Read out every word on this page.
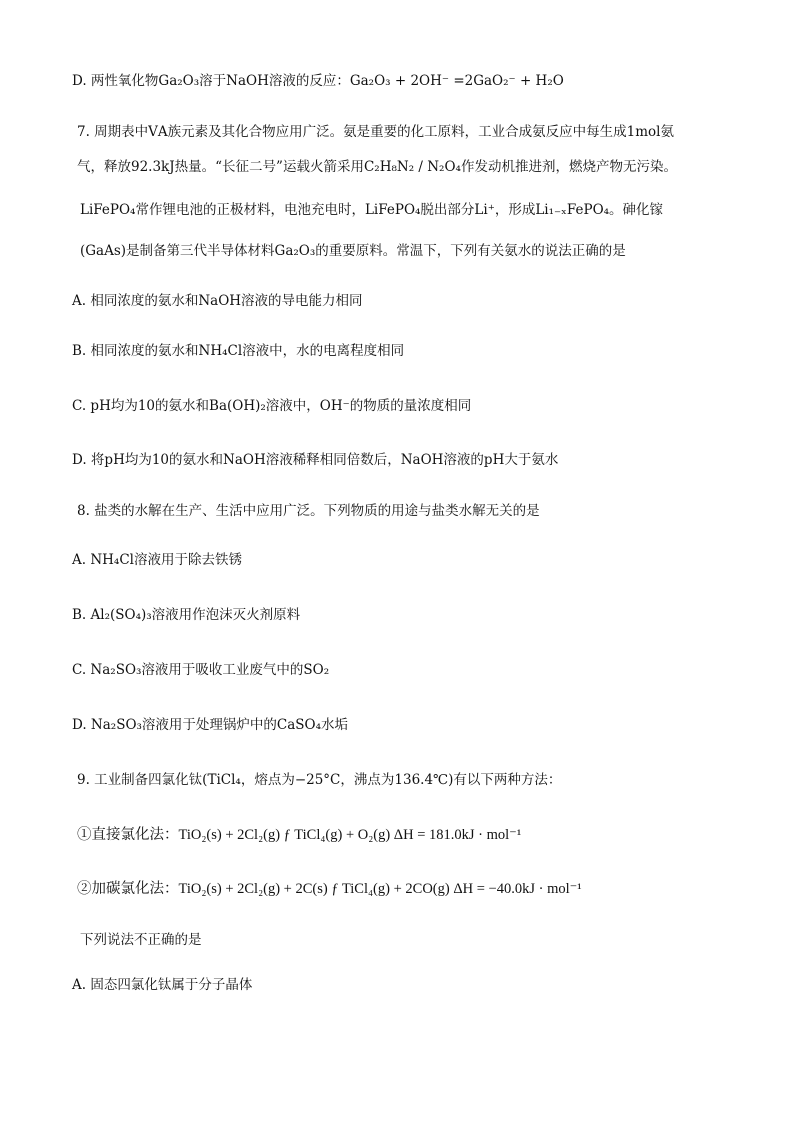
D. 两性氧化物Ga₂O₃溶于NaOH溶液的反应：Ga₂O₃ + 2OH⁻ =2GaO₂⁻ + H₂O
7. 周期表中ⅤA族元素及其化合物应用广泛。氨是重要的化工原料，工业合成氨反应中每生成1mol氨
气，释放92.3kJ热量。“长征二号”运载火箭采用C₂H₈N₂ / N₂O₄作发动机推进剂，燃烧产物无污染。
LiFePO₄常作锂电池的正极材料，电池充电时，LiFePO₄脱出部分Li⁺，形成Li₁₋ₓFePO₄。砷化镓
(GaAs)是制备第三代半导体材料Ga₂O₃的重要原料。常温下，下列有关氨水的说法正确的是
A. 相同浓度的氨水和NaOH溶液的导电能力相同
B. 相同浓度的氨水和NH₄Cl溶液中，水的电离程度相同
C. pH均为10的氨水和Ba(OH)₂溶液中，OH⁻的物质的量浓度相同
D. 将pH均为10的氨水和NaOH溶液稀释相同倍数后，NaOH溶液的pH大于氨水
8. 盐类的水解在生产、生活中应用广泛。下列物质的用途与盐类水解无关的是
A. NH₄Cl溶液用于除去铁锈
B. Al₂(SO₄)₃溶液用作泡沫灭火剂原料
C. Na₂SO₃溶液用于吸收工业废气中的SO₂
D. Na₂SO₃溶液用于处理锅炉中的CaSO₄水垢
9. 工业制备四氯化钛(TiCl₄，熔点为−25°C，沸点为136.4℃)有以下两种方法：
①直接氯化法：TiO₂(s) + 2Cl₂(g) ƒ TiCl₄(g) + O₂(g) ΔH = 181.0kJ · mol⁻¹
②加碳氯化法：TiO₂(s) + 2Cl₂(g) + 2C(s) ƒ TiCl₄(g) + 2CO(g) ΔH = −40.0kJ · mol⁻¹
下列说法不正确的是
A. 固态四氯化钛属于分子晶体
